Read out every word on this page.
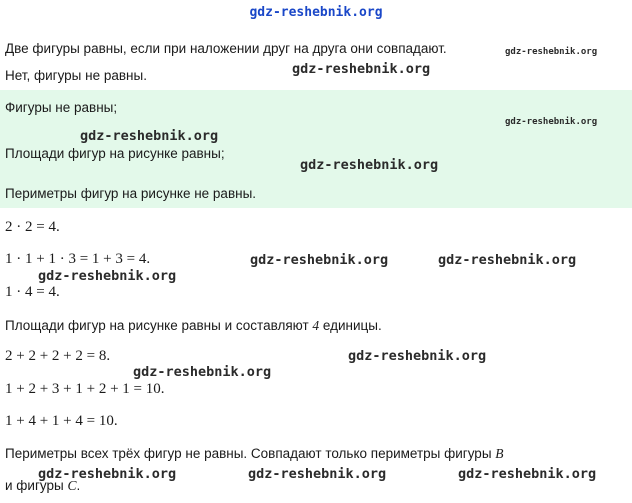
gdz-reshebnik.org
Две фигуры равны, если при наложении друг на друга они совпадают.
Нет, фигуры не равны.
Фигуры не равны;
Площади фигур на рисунке равны;
Периметры фигур на рисунке не равны.
2 · 2 = 4.
1 · 1 + 1 · 3 = 1 + 3 = 4.
1 · 4 = 4.
Площади фигур на рисунке равны и составляют 4 единицы.
2 + 2 + 2 + 2 = 8.
1 + 2 + 3 + 1 + 2 + 1 = 10.
1 + 4 + 1 + 4 = 10.
Периметры всех трёх фигур не равны. Совпадают только периметры фигуры B
и фигуры C.
gdz-reshebnik.org
gdz-reshebnik.org
gdz-reshebnik.org
gdz-reshebnik.org
gdz-reshebnik.org
gdz-reshebnik.org	gdz-reshebnik.org
gdz-reshebnik.org
gdz-reshebnik.org
gdz-reshebnik.org
gdz-reshebnik.org	gdz-reshebnik.org	gdz-reshebnik.org
